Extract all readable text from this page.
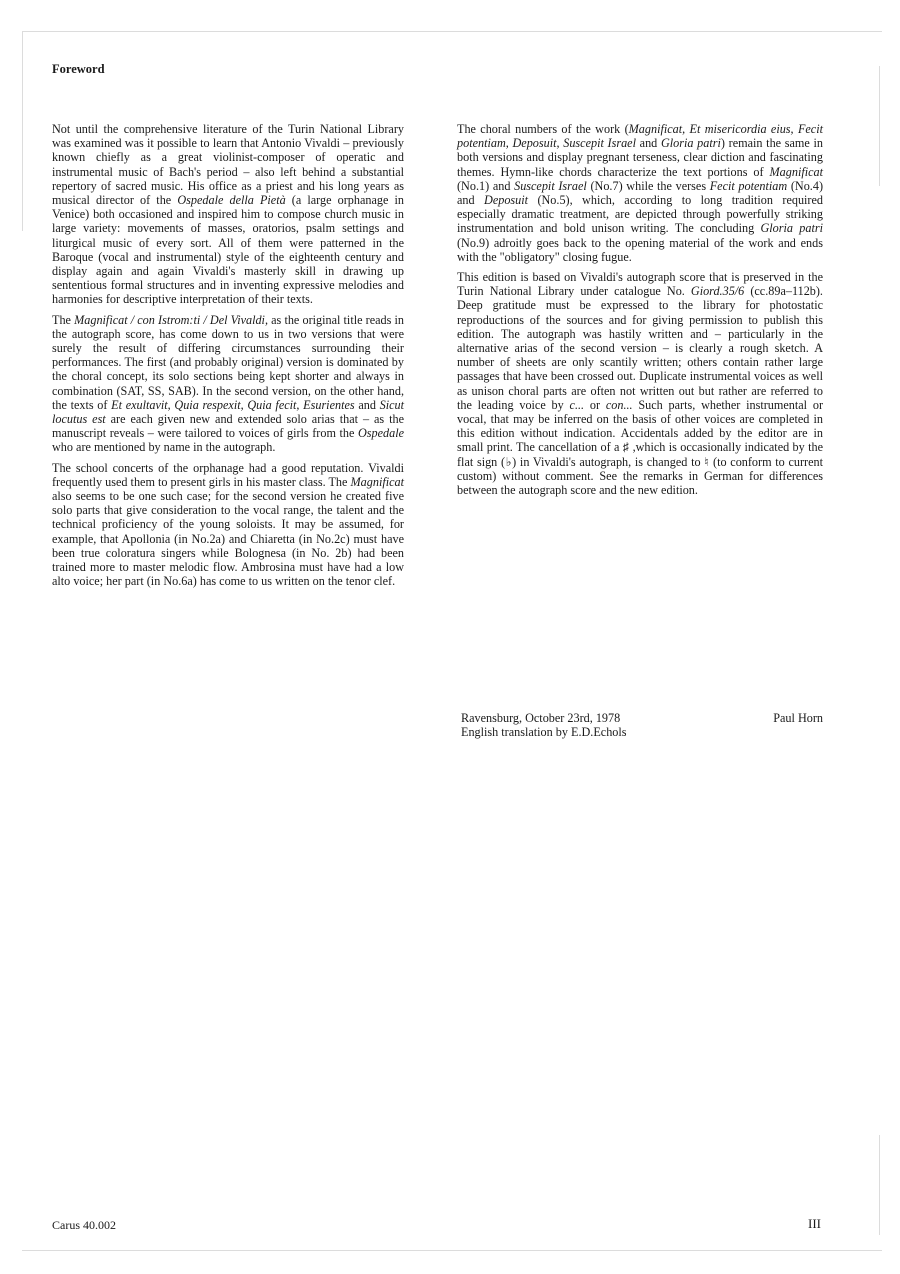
Foreword

Not until the comprehensive literature of the Turin National Library was examined was it possible to learn that Antonio Vivaldi – previously known chiefly as a great violinist-composer of operatic and instrumental music of Bach's period – also left behind a substantial repertory of sacred music. His office as a priest and his long years as musical director of the Ospedale della Pietà (a large orphanage in Venice) both occasioned and inspired him to compose church music in large variety: movements of masses, oratorios, psalm settings and liturgical music of every sort. All of them were patterned in the Baroque (vocal and instrumental) style of the eighteenth century and display again and again Vivaldi's masterly skill in drawing up sententious formal structures and in inventing expressive melodies and harmonies for descriptive interpretation of their texts.

The Magnificat / con Istrom:ti / Del Vivaldi, as the original title reads in the autograph score, has come down to us in two versions that were surely the result of differing circumstances surrounding their performances. The first (and probably original) version is dominated by the choral concept, its solo sections being kept shorter and always in combination (SAT, SS, SAB). In the second version, on the other hand, the texts of Et exultavit, Quia respexit, Quia fecit, Esurientes and Sicut locutus est are each given new and extended solo arias that – as the manuscript reveals – were tailored to voices of girls from the Ospedale who are mentioned by name in the autograph.

The school concerts of the orphanage had a good reputation. Vivaldi frequently used them to present girls in his master class. The Magnificat also seems to be one such case; for the second version he created five solo parts that give consideration to the vocal range, the talent and the technical proficiency of the young soloists. It may be assumed, for example, that Apollonia (in No.2a) and Chiaretta (in No.2c) must have been true coloratura singers while Bolognesa (in No. 2b) had been trained more to master melodic flow. Ambrosina must have had a low alto voice; her part (in No.6a) has come to us written on the tenor clef.

The choral numbers of the work (Magnificat, Et misericordia eius, Fecit potentiam, Deposuit, Suscepit Israel and Gloria patri) remain the same in both versions and display pregnant terseness, clear diction and fascinating themes. Hymn-like chords characterize the text portions of Magnificat (No.1) and Suscepit Israel (No.7) while the verses Fecit potentiam (No.4) and Deposuit (No.5), which, according to long tradition required especially dramatic treatment, are depicted through powerfully striking instrumentation and bold unison writing. The concluding Gloria patri (No.9) adroitly goes back to the opening material of the work and ends with the "obligatory" closing fugue.

This edition is based on Vivaldi's autograph score that is preserved in the Turin National Library under catalogue No. Giord.35/6 (cc.89a–112b). Deep gratitude must be expressed to the library for photostatic reproductions of the sources and for giving permission to publish this edition. The autograph was hastily written and – particularly in the alternative arias of the second version – is clearly a rough sketch. A number of sheets are only scantily written; others contain rather large passages that have been crossed out. Duplicate instrumental voices as well as unison choral parts are often not written out but rather are referred to the leading voice by c... or con... Such parts, whether instrumental or vocal, that may be inferred on the basis of other voices are completed in this edition without indication. Accidentals added by the editor are in small print. The cancellation of a ♯ ,which is occasionally indicated by the flat sign (♭) in Vivaldi's autograph, is changed to ♮ (to conform to current custom) without comment. See the remarks in German for differences between the autograph score and the new edition.

Ravensburg, October 23rd, 1978	Paul Horn
English translation by E.D.Echols
Carus 40.002	III
